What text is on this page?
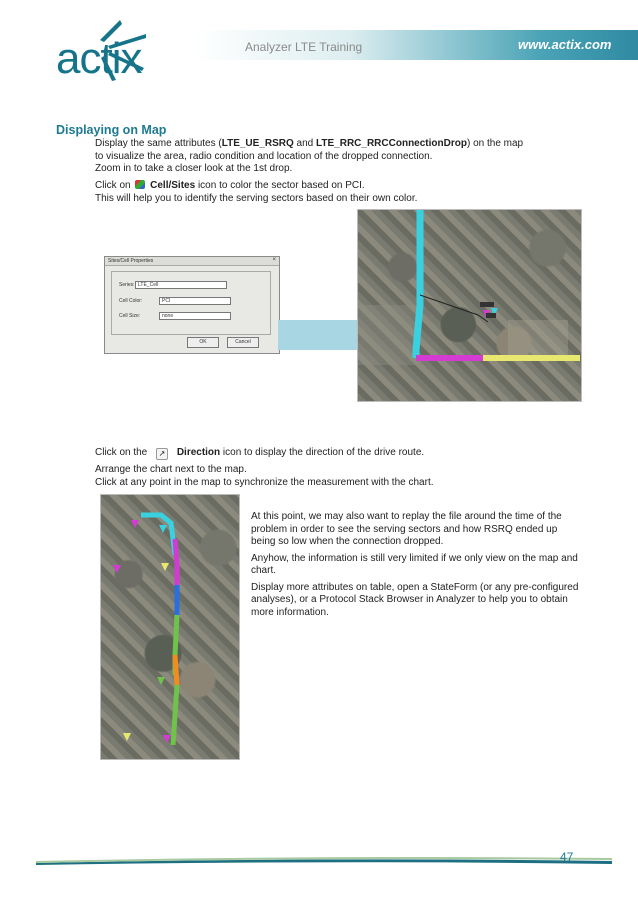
actix	Analyzer LTE Training	www.actix.com
Displaying on Map
Display the same attributes (LTE_UE_RSRQ and LTE_RRC_RRCConnectionDrop) on the map
to visualize the area, radio condition and location of the dropped connection.
Zoom in to take a closer look at the 1st drop.
Click on Cell/Sites icon to color the sector based on PCI.
This will help you to identify the serving sectors based on their own color.
Sites/Cell Properties	×
Series: LTE_Cell
Cell Color:	PCI
Cell Size:	none
OK	Cancel
Click on the ↗ Direction icon to display the direction of the drive route.
Arrange the chart next to the map.
Click at any point in the map to synchronize the measurement with the chart.
At this point, we may also want to replay the file around the time of the problem in order to see the serving sectors and how RSRQ ended up being so low when the connection dropped.
Anyhow, the information is still very limited if we only view on the map and chart.
Display more attributes on table, open a StateForm (or any pre-configured analyses), or a Protocol Stack Browser in Analyzer to help you to obtain more information.
47
